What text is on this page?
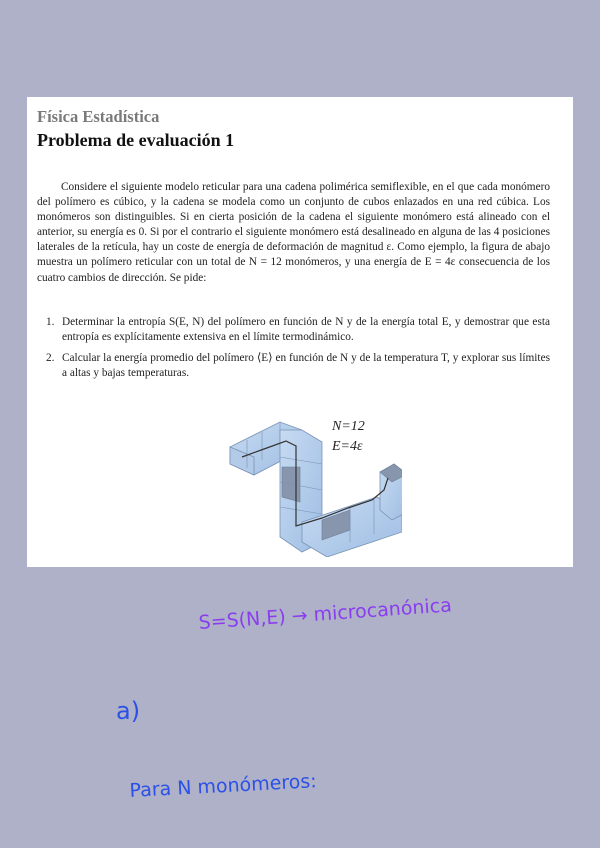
Física Estadística
Problema de evaluación 1

Considere el siguiente modelo reticular para una cadena polimérica semiflexible, en el que cada monómero del polímero es cúbico, y la cadena se modela como un conjunto de cubos enlazados en una red cúbica. Los monómeros son distinguibles. Si en cierta posición de la cadena el siguiente monómero está alineado con el anterior, su energía es 0. Si por el contrario el siguiente monómero está desalineado en alguna de las 4 posiciones laterales de la retícula, hay un coste de energía de deformación de magnitud ε. Como ejemplo, la figura de abajo muestra un polímero reticular con un total de N = 12 monómeros, y una energía de E = 4ε consecuencia de los cuatro cambios de dirección. Se pide:

1. Determinar la entropía S(E, N) del polímero en función de N y de la energía total E, y demostrar que esta entropía es explícitamente extensiva en el límite termodinámico.
2. Calcular la energía promedio del polímero ⟨E⟩ en función de N y de la temperatura T, y explorar sus límites a altas y bajas temperaturas.
N=12
E=4ε
S=S(N,E) → microcanónica
a)
Para N monómeros:
